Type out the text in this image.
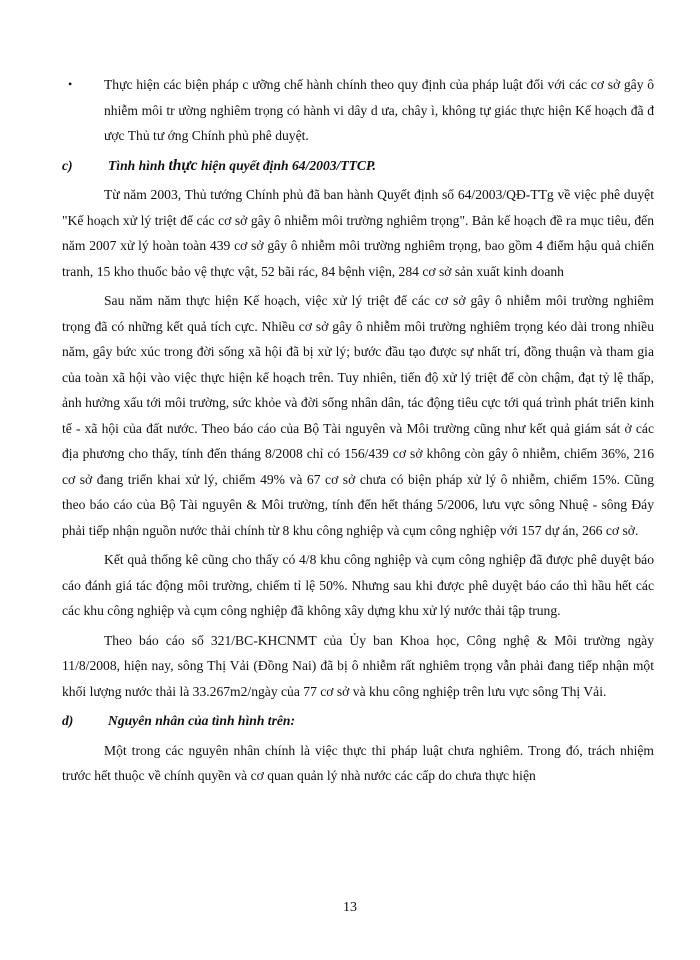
• Thực hiện các biện pháp c ưỡng chế hành chính theo quy định của pháp luật đối với các cơ sở gây ô nhiễm môi tr ường nghiêm trọng có hành vi dây d ưa, chây ì, không tự giác thực hiện Kế hoạch đã đ ược Thủ tư ớng Chính phủ phê duyệt.

c)	Tình hình thực hiện quyết định 64/2003/TTCP.

Từ năm 2003, Thủ tướng Chính phủ đã ban hành Quyết định số 64/2003/QĐ-TTg về việc phê duyệt "Kế hoạch xử lý triệt để các cơ sở gây ô nhiễm môi trường nghiêm trọng". Bản kế hoạch đề ra mục tiêu, đến năm 2007 xử lý hoàn toàn 439 cơ sở gây ô nhiễm môi trường nghiêm trọng, bao gồm 4 điểm hậu quả chiến tranh, 15 kho thuốc bảo vệ thực vật, 52 bãi rác, 84 bệnh viện, 284 cơ sở sản xuất kinh doanh

Sau năm năm thực hiện Kế hoạch, việc xử lý triệt để các cơ sở gây ô nhiễm môi trường nghiêm trọng đã có những kết quả tích cực. Nhiều cơ sở gây ô nhiễm môi trường nghiêm trọng kéo dài trong nhiều năm, gây bức xúc trong đời sống xã hội đã bị xử lý; bước đầu tạo được sự nhất trí, đồng thuận và tham gia của toàn xã hội vào việc thực hiện kế hoạch trên. Tuy nhiên, tiến độ xử lý triệt để còn chậm, đạt tỷ lệ thấp, ảnh hưởng xấu tới môi trường, sức khỏe và đời sống nhân dân, tác động tiêu cực tới quá trình phát triển kinh tế - xã hội của đất nước. Theo báo cáo của Bộ Tài nguyên và Môi trường cũng như kết quả giám sát ở các địa phương cho thấy, tính đến tháng 8/2008 chỉ có 156/439 cơ sở không còn gây ô nhiễm, chiếm 36%, 216 cơ sở đang triển khai xử lý, chiếm 49% và 67 cơ sở chưa có biện pháp xử lý ô nhiễm, chiếm 15%. Cũng theo báo cáo của Bộ Tài nguyên & Môi trường, tính đến hết tháng 5/2006, lưu vực sông Nhuệ - sông Đáy phải tiếp nhận nguồn nước thải chính từ 8 khu công nghiệp và cụm công nghiệp với 157 dự án, 266 cơ sở.

Kết quả thống kê cũng cho thấy có 4/8 khu công nghiệp và cụm công nghiệp đã được phê duyệt báo cáo đánh giá tác động môi trường, chiếm tỉ lệ 50%. Nhưng sau khi được phê duyệt báo cáo thì hầu hết các các khu công nghiệp và cụm công nghiệp đã không xây dựng khu xử lý nước thải tập trung.

Theo báo cáo số 321/BC-KHCNMT của Ủy ban Khoa học, Công nghệ & Môi trường ngày 11/8/2008, hiện nay, sông Thị Vải (Đồng Nai) đã bị ô nhiễm rất nghiêm trọng vẫn phải đang tiếp nhận một khối lượng nước thải là 33.267m2/ngày của 77 cơ sở và khu công nghiệp trên lưu vực sông Thị Vải.

d)	Nguyên nhân của tình hình trên:

Một trong các nguyên nhân chính là việc thực thi pháp luật chưa nghiêm. Trong đó, trách nhiệm trước hết thuộc về chính quyền và cơ quan quản lý nhà nước các cấp do chưa thực hiện

13
